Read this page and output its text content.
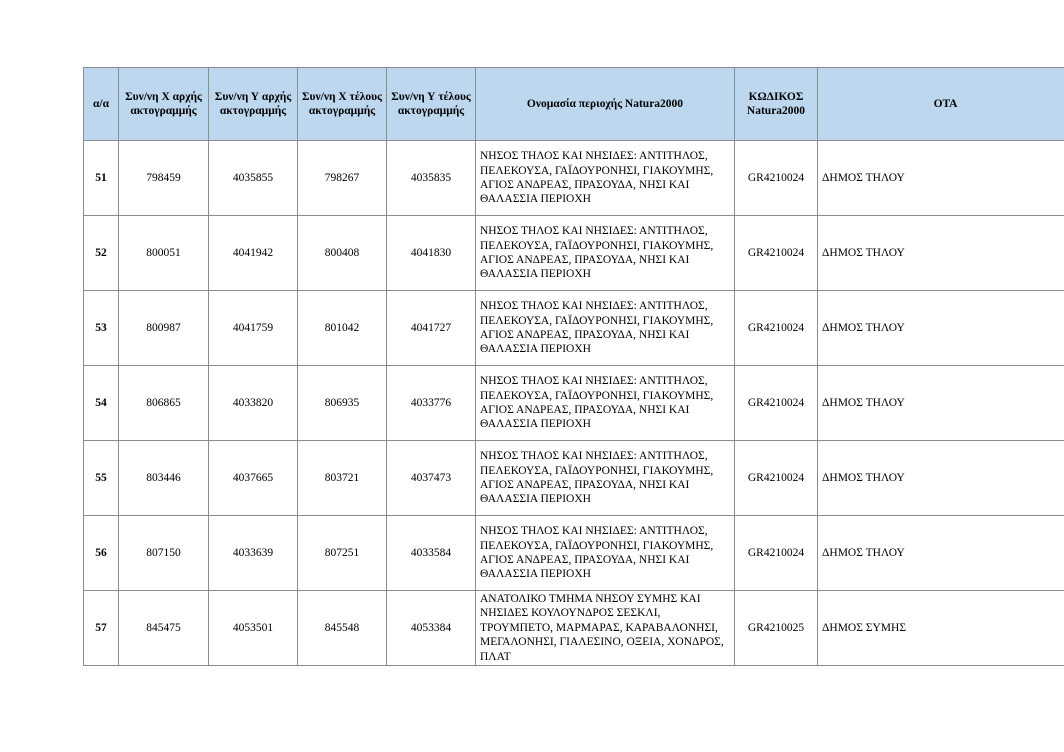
α/α	Συν/νη Χ αρχής ακτογραμμής	Συν/νη Υ αρχής ακτογραμμής	Συν/νη Χ τέλους ακτογραμμής	Συν/νη Υ τέλους ακτογραμμής	Ονομασία περιοχής Natura2000	ΚΩΔΙΚΟΣ Natura2000	ΟΤΑ
51	798459	4035855	798267	4035835	ΝΗΣΟΣ ΤΗΛΟΣ ΚΑΙ ΝΗΣΙΔΕΣ: ΑΝΤΙΤΗΛΟΣ, ΠΕΛΕΚΟΥΣΑ, ΓΑΪΔΟΥΡΟΝΗΣΙ, ΓΙΑΚΟΥΜΗΣ, ΑΓΙΟΣ ΑΝΔΡΕΑΣ, ΠΡΑΣΟΥΔΑ, ΝΗΣΙ ΚΑΙ ΘΑΛΑΣΣΙΑ ΠΕΡΙΟΧΗ	GR4210024	ΔΗΜΟΣ ΤΗΛΟΥ
52	800051	4041942	800408	4041830	ΝΗΣΟΣ ΤΗΛΟΣ ΚΑΙ ΝΗΣΙΔΕΣ: ΑΝΤΙΤΗΛΟΣ, ΠΕΛΕΚΟΥΣΑ, ΓΑΪΔΟΥΡΟΝΗΣΙ, ΓΙΑΚΟΥΜΗΣ, ΑΓΙΟΣ ΑΝΔΡΕΑΣ, ΠΡΑΣΟΥΔΑ, ΝΗΣΙ ΚΑΙ ΘΑΛΑΣΣΙΑ ΠΕΡΙΟΧΗ	GR4210024	ΔΗΜΟΣ ΤΗΛΟΥ
53	800987	4041759	801042	4041727	ΝΗΣΟΣ ΤΗΛΟΣ ΚΑΙ ΝΗΣΙΔΕΣ: ΑΝΤΙΤΗΛΟΣ, ΠΕΛΕΚΟΥΣΑ, ΓΑΪΔΟΥΡΟΝΗΣΙ, ΓΙΑΚΟΥΜΗΣ, ΑΓΙΟΣ ΑΝΔΡΕΑΣ, ΠΡΑΣΟΥΔΑ, ΝΗΣΙ ΚΑΙ ΘΑΛΑΣΣΙΑ ΠΕΡΙΟΧΗ	GR4210024	ΔΗΜΟΣ ΤΗΛΟΥ
54	806865	4033820	806935	4033776	ΝΗΣΟΣ ΤΗΛΟΣ ΚΑΙ ΝΗΣΙΔΕΣ: ΑΝΤΙΤΗΛΟΣ, ΠΕΛΕΚΟΥΣΑ, ΓΑΪΔΟΥΡΟΝΗΣΙ, ΓΙΑΚΟΥΜΗΣ, ΑΓΙΟΣ ΑΝΔΡΕΑΣ, ΠΡΑΣΟΥΔΑ, ΝΗΣΙ ΚΑΙ ΘΑΛΑΣΣΙΑ ΠΕΡΙΟΧΗ	GR4210024	ΔΗΜΟΣ ΤΗΛΟΥ
55	803446	4037665	803721	4037473	ΝΗΣΟΣ ΤΗΛΟΣ ΚΑΙ ΝΗΣΙΔΕΣ: ΑΝΤΙΤΗΛΟΣ, ΠΕΛΕΚΟΥΣΑ, ΓΑΪΔΟΥΡΟΝΗΣΙ, ΓΙΑΚΟΥΜΗΣ, ΑΓΙΟΣ ΑΝΔΡΕΑΣ, ΠΡΑΣΟΥΔΑ, ΝΗΣΙ ΚΑΙ ΘΑΛΑΣΣΙΑ ΠΕΡΙΟΧΗ	GR4210024	ΔΗΜΟΣ ΤΗΛΟΥ
56	807150	4033639	807251	4033584	ΝΗΣΟΣ ΤΗΛΟΣ ΚΑΙ ΝΗΣΙΔΕΣ: ΑΝΤΙΤΗΛΟΣ, ΠΕΛΕΚΟΥΣΑ, ΓΑΪΔΟΥΡΟΝΗΣΙ, ΓΙΑΚΟΥΜΗΣ, ΑΓΙΟΣ ΑΝΔΡΕΑΣ, ΠΡΑΣΟΥΔΑ, ΝΗΣΙ ΚΑΙ ΘΑΛΑΣΣΙΑ ΠΕΡΙΟΧΗ	GR4210024	ΔΗΜΟΣ ΤΗΛΟΥ
57	845475	4053501	845548	4053384	ΑΝΑΤΟΛΙΚΟ ΤΜΗΜΑ ΝΗΣΟΥ ΣΥΜΗΣ ΚΑΙ ΝΗΣΙΔΕΣ ΚΟΥΛΟΥΝΔΡΟΣ ΣΕΣΚΛΙ, ΤΡΟΥΜΠΕΤΟ, ΜΑΡΜΑΡΑΣ, ΚΑΡΑΒΑΛΟΝΗΣΙ, ΜΕΓΑΛΟΝΗΣΙ, ΓΙΑΛΕΣΙΝΟ, ΟΞΕΙΑ, ΧΟΝΔΡΟΣ, ΠΛΑΤ	GR4210025	ΔΗΜΟΣ ΣΥΜΗΣ
